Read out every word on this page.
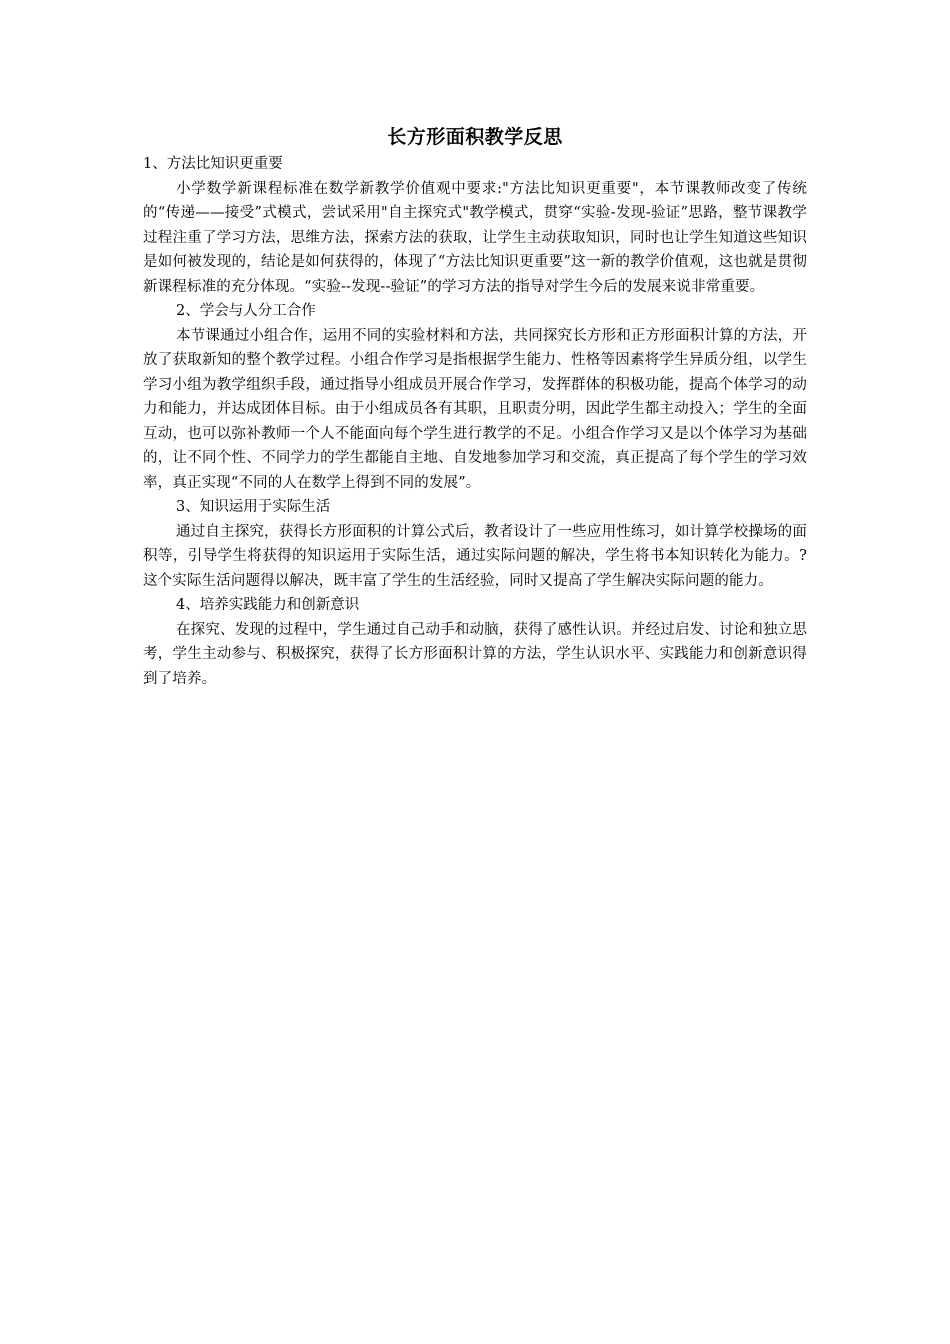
长方形面积教学反思

1、方法比知识更重要

小学数学新课程标准在数学新教学价值观中要求:"方法比知识更重要"，本节课教师改变了传统的“传递——接受”式模式，尝试采用"自主探究式"教学模式，贯穿“实验-发现-验证”思路，整节课教学过程注重了学习方法，思维方法，探索方法的获取，让学生主动获取知识，同时也让学生知道这些知识是如何被发现的，结论是如何获得的，体现了“方法比知识更重要”这一新的教学价值观，这也就是贯彻新课程标准的充分体现。“实验--发现--验证”的学习方法的指导对学生今后的发展来说非常重要。

2、学会与人分工合作

本节课通过小组合作，运用不同的实验材料和方法，共同探究长方形和正方形面积计算的方法，开放了获取新知的整个教学过程。小组合作学习是指根据学生能力、性格等因素将学生异质分组，以学生学习小组为教学组织手段，通过指导小组成员开展合作学习，发挥群体的积极功能，提高个体学习的动力和能力，并达成团体目标。由于小组成员各有其职，且职责分明，因此学生都主动投入；学生的全面互动，也可以弥补教师一个人不能面向每个学生进行教学的不足。小组合作学习又是以个体学习为基础的，让不同个性、不同学力的学生都能自主地、自发地参加学习和交流，真正提高了每个学生的学习效率，真正实现“不同的人在数学上得到不同的发展”。

3、知识运用于实际生活

通过自主探究，获得长方形面积的计算公式后，教者设计了一些应用性练习，如计算学校操场的面积等，引导学生将获得的知识运用于实际生活，通过实际问题的解决，学生将书本知识转化为能力。? 这个实际生活问题得以解决，既丰富了学生的生活经验，同时又提高了学生解决实际问题的能力。

4、培养实践能力和创新意识

在探究、发现的过程中，学生通过自己动手和动脑，获得了感性认识。并经过启发、讨论和独立思考，学生主动参与、积极探究，获得了长方形面积计算的方法，学生认识水平、实践能力和创新意识得到了培养。
